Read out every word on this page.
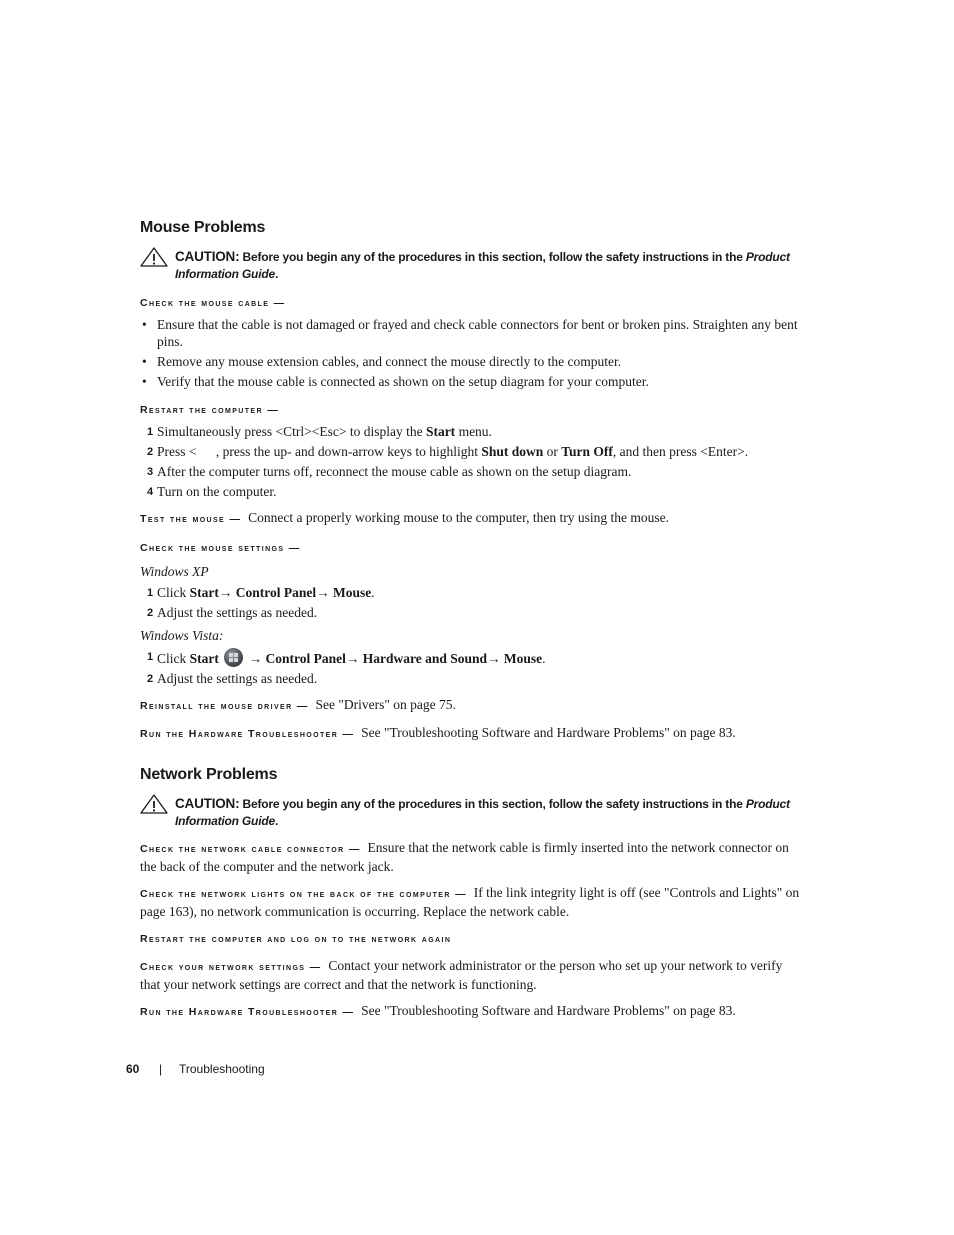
Mouse Problems
CAUTION: Before you begin any of the procedures in this section, follow the safety instructions in the Product Information Guide.
Check the mouse cable —
• Ensure that the cable is not damaged or frayed and check cable connectors for bent or broken pins. Straighten any bent pins.
• Remove any mouse extension cables, and connect the mouse directly to the computer.
• Verify that the mouse cable is connected as shown on the setup diagram for your computer.
Restart the computer —
1 Simultaneously press <Ctrl><Esc> to display the Start menu.
2 Press < , press the up- and down-arrow keys to highlight Shut down or Turn Off, and then press <Enter>.
3 After the computer turns off, reconnect the mouse cable as shown on the setup diagram.
4 Turn on the computer.
Test the mouse — Connect a properly working mouse to the computer, then try using the mouse.
Check the mouse settings —
Windows XP
1 Click Start→ Control Panel→ Mouse.
2 Adjust the settings as needed.
Windows Vista:
1 Click Start → Control Panel→ Hardware and Sound→ Mouse.
2 Adjust the settings as needed.
Reinstall the mouse driver — See "Drivers" on page 75.
Run the Hardware Troubleshooter — See "Troubleshooting Software and Hardware Problems" on page 83.
Network Problems
CAUTION: Before you begin any of the procedures in this section, follow the safety instructions in the Product Information Guide.
Check the network cable connector — Ensure that the network cable is firmly inserted into the network connector on the back of the computer and the network jack.
Check the network lights on the back of the computer — If the link integrity light is off (see "Controls and Lights" on page 163), no network communication is occurring. Replace the network cable.
Restart the computer and log on to the network again
Check your network settings — Contact your network administrator or the person who set up your network to verify that your network settings are correct and that the network is functioning.
Run the Hardware Troubleshooter — See "Troubleshooting Software and Hardware Problems" on page 83.
60 | Troubleshooting
